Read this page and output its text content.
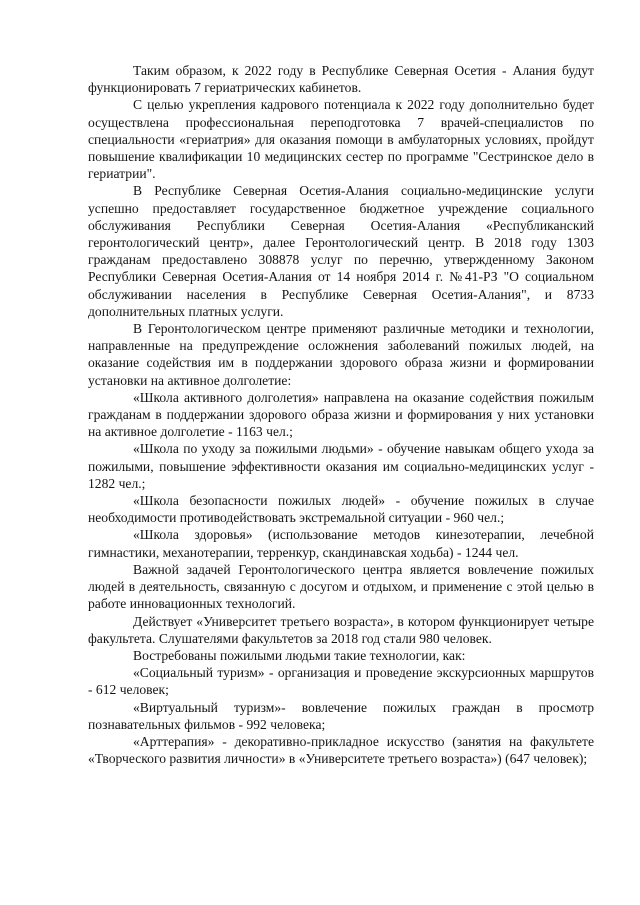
Таким образом, к 2022 году в Республике Северная Осетия - Алания будут функционировать 7 гериатрических кабинетов.

С целью укрепления кадрового потенциала к 2022 году дополнительно будет осуществлена профессиональная переподготовка 7 врачей-специалистов по специальности «гериатрия» для оказания помощи в амбулаторных условиях, пройдут повышение квалификации 10 медицинских сестер по программе "Сестринское дело в гериатрии".

В Республике Северная Осетия-Алания социально-медицинские услуги успешно предоставляет государственное бюджетное учреждение социального обслуживания Республики Северная Осетия-Алания «Республиканский геронтологический центр», далее Геронтологический центр. В 2018 году 1303 гражданам предоставлено 308878 услуг по перечню, утвержденному Законом Республики Северная Осетия-Алания от 14 ноября 2014 г. №41-РЗ "О социальном обслуживании населения в Республике Северная Осетия-Алания", и 8733 дополнительных платных услуги.

В Геронтологическом центре применяют различные методики и технологии, направленные на предупреждение осложнения заболеваний пожилых людей, на оказание содействия им в поддержании здорового образа жизни и формировании установки на активное долголетие:

«Школа активного долголетия» направлена на оказание содействия пожилым гражданам в поддержании здорового образа жизни и формирования у них установки на активное долголетие - 1163 чел.;

«Школа по уходу за пожилыми людьми» - обучение навыкам общего ухода за пожилыми, повышение эффективности оказания им социально-медицинских услуг - 1282 чел.;

«Школа безопасности пожилых людей» - обучение пожилых в случае необходимости противодействовать экстремальной ситуации - 960 чел.;

«Школа здоровья» (использование методов кинезотерапии, лечебной гимнастики, механотерапии, терренкур, скандинавская ходьба) - 1244 чел.

Важной задачей Геронтологического центра является вовлечение пожилых людей в деятельность, связанную с досугом и отдыхом, и применение с этой целью в работе инновационных технологий.

Действует «Университет третьего возраста», в котором функционирует четыре факультета. Слушателями факультетов за 2018 год стали 980 человек.

Востребованы пожилыми людьми такие технологии, как:

«Социальный туризм» - организация и проведение экскурсионных маршрутов - 612 человек;

«Виртуальный туризм»- вовлечение пожилых граждан в просмотр познавательных фильмов - 992 человека;

«Арттерапия» - декоративно-прикладное искусство (занятия на факультете «Творческого развития личности» в «Университете третьего возраста») (647 человек);
